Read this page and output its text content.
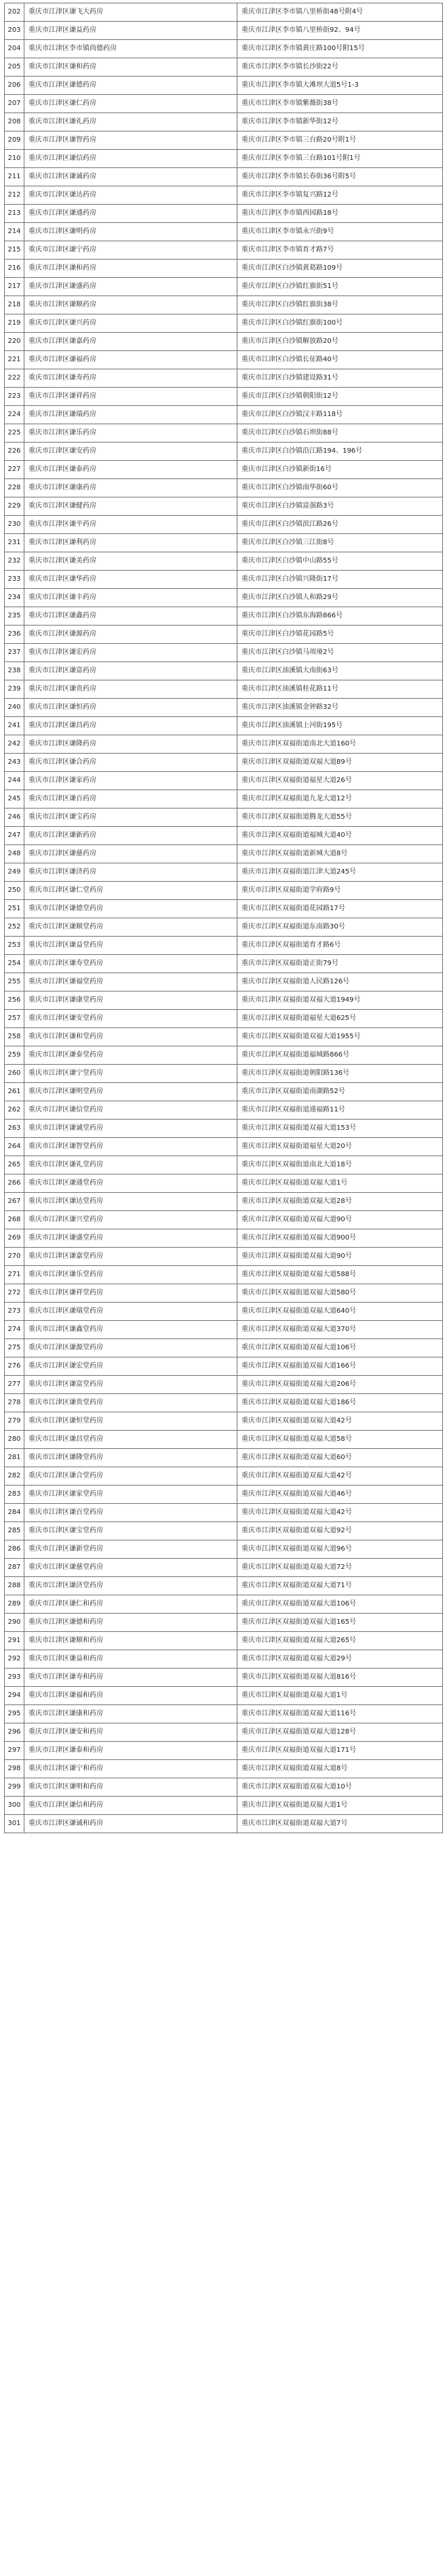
202	重庆市江津区谦飞大药房	重庆市江津区李市镇八里桥街48号附4号
203	重庆市江津区谦益药房	重庆市江津区李市镇八里桥街92、94号
204	重庆市江津区李市镇尚德药房	重庆市江津区李市镇黄庄路100号附15号
205	重庆市江津区谦和药房	重庆市江津区李市镇长沙街22号
206	重庆市江津区谦德药房	重庆市江津区李市镇大滩坝大道5号1-3
207	重庆市江津区谦仁药房	重庆市江津区李市镇紫薇街38号
208	重庆市江津区谦礼药房	重庆市江津区李市镇新华街12号
209	重庆市江津区谦智药房	重庆市江津区李市镇三台路20号附1号
210	重庆市江津区谦信药房	重庆市江津区李市镇三台路101号附1号
211	重庆市江津区谦诚药房	重庆市江津区李市镇长春街36号附5号
212	重庆市江津区谦达药房	重庆市江津区李市镇复兴路12号
213	重庆市江津区谦通药房	重庆市江津区李市镇西园路18号
214	重庆市江津区谦明药房	重庆市江津区李市镇永兴街9号
215	重庆市江津区谦宁药房	重庆市江津区李市镇育才路7号
216	重庆市江津区谦和药房	重庆市江津区白沙镇黄葛路109号
217	重庆市江津区谦盛药房	重庆市江津区白沙镇红旗街51号
218	重庆市江津区谦顺药房	重庆市江津区白沙镇红旗街38号
219	重庆市江津区谦兴药房	重庆市江津区白沙镇红旗街100号
220	重庆市江津区谦嘉药房	重庆市江津区白沙镇解放路20号
221	重庆市江津区谦福药房	重庆市江津区白沙镇长征路40号
222	重庆市江津区谦寿药房	重庆市江津区白沙镇建设路31号
223	重庆市江津区谦祥药房	重庆市江津区白沙镇朝阳街12号
224	重庆市江津区谦瑞药房	重庆市江津区白沙镇汉丰路118号
225	重庆市江津区谦乐药房	重庆市江津区白沙镇石坝街88号
226	重庆市江津区谦安药房	重庆市江津区白沙镇沿江路194、196号
227	重庆市江津区谦泰药房	重庆市江津区白沙镇新街16号
228	重庆市江津区谦康药房	重庆市江津区白沙镇南华街60号
229	重庆市江津区谦健药房	重庆市江津区白沙镇富强路3号
230	重庆市江津区谦平药房	重庆市江津区白沙镇滨江路26号
231	重庆市江津区谦利药房	重庆市江津区白沙镇三江街8号
232	重庆市江津区谦美药房	重庆市江津区白沙镇中山路55号
233	重庆市江津区谦华药房	重庆市江津区白沙镇兴隆街17号
234	重庆市江津区谦丰药房	重庆市江津区白沙镇人和路29号
235	重庆市江津区谦鑫药房	重庆市江津区白沙镇东海路866号
236	重庆市江津区谦源药房	重庆市江津区白沙镇花园路5号
237	重庆市江津区谦宏药房	重庆市江津区白沙镇马项垭2号
238	重庆市江津区谦富药房	重庆市江津区油溪镇大南街63号
239	重庆市江津区谦贵药房	重庆市江津区油溪镇桂花路11号
240	重庆市江津区谦恒药房	重庆市江津区油溪镇金钟路32号
241	重庆市江津区谦昌药房	重庆市江津区油溪镇上河街195号
242	重庆市江津区谦隆药房	重庆市江津区双福街道南北大道160号
243	重庆市江津区谦合药房	重庆市江津区双福街道双福大道89号
244	重庆市江津区谦家药房	重庆市江津区双福街道福星大道26号
245	重庆市江津区谦百药房	重庆市江津区双福街道九龙大道12号
246	重庆市江津区谦宝药房	重庆市江津区双福街道腾龙大道55号
247	重庆市江津区谦新药房	重庆市江津区双福街道福城大道40号
248	重庆市江津区谦慈药房	重庆市江津区双福街道新城大道8号
249	重庆市江津区谦济药房	重庆市江津区双福街道江津大道245号
250	重庆市江津区谦仁堂药房	重庆市江津区双福街道学府路9号
251	重庆市江津区谦德堂药房	重庆市江津区双福街道花园路17号
252	重庆市江津区谦顺堂药房	重庆市江津区双福街道东南路30号
253	重庆市江津区谦益堂药房	重庆市江津区双福街道育才路6号
254	重庆市江津区谦寿堂药房	重庆市江津区双福街道正街79号
255	重庆市江津区谦福堂药房	重庆市江津区双福街道人民路126号
256	重庆市江津区谦康堂药房	重庆市江津区双福街道双福大道1949号
257	重庆市江津区谦安堂药房	重庆市江津区双福街道福星大道625号
258	重庆市江津区谦和堂药房	重庆市江津区双福街道双福大道1955号
259	重庆市江津区谦泰堂药房	重庆市江津区双福街道福城路866号
260	重庆市江津区谦宁堂药房	重庆市江津区双福街道朝阳路136号
261	重庆市江津区谦明堂药房	重庆市江津区双福街道南湖路52号
262	重庆市江津区谦信堂药房	重庆市江津区双福街道通福路11号
263	重庆市江津区谦诚堂药房	重庆市江津区双福街道双福大道153号
264	重庆市江津区谦智堂药房	重庆市江津区双福街道福星大道20号
265	重庆市江津区谦礼堂药房	重庆市江津区双福街道南北大道18号
266	重庆市江津区谦通堂药房	重庆市江津区双福街道双福大道1号
267	重庆市江津区谦达堂药房	重庆市江津区双福街道双福大道28号
268	重庆市江津区谦兴堂药房	重庆市江津区双福街道双福大道90号
269	重庆市江津区谦盛堂药房	重庆市江津区双福街道双福大道900号
270	重庆市江津区谦嘉堂药房	重庆市江津区双福街道双福大道90号
271	重庆市江津区谦乐堂药房	重庆市江津区双福街道双福大道588号
272	重庆市江津区谦祥堂药房	重庆市江津区双福街道双福大道580号
273	重庆市江津区谦瑞堂药房	重庆市江津区双福街道双福大道640号
274	重庆市江津区谦鑫堂药房	重庆市江津区双福街道双福大道370号
275	重庆市江津区谦源堂药房	重庆市江津区双福街道双福大道106号
276	重庆市江津区谦宏堂药房	重庆市江津区双福街道双福大道166号
277	重庆市江津区谦富堂药房	重庆市江津区双福街道双福大道206号
278	重庆市江津区谦贵堂药房	重庆市江津区双福街道双福大道186号
279	重庆市江津区谦恒堂药房	重庆市江津区双福街道双福大道42号
280	重庆市江津区谦昌堂药房	重庆市江津区双福街道双福大道58号
281	重庆市江津区谦隆堂药房	重庆市江津区双福街道双福大道60号
282	重庆市江津区谦合堂药房	重庆市江津区双福街道双福大道42号
283	重庆市江津区谦家堂药房	重庆市江津区双福街道双福大道46号
284	重庆市江津区谦百堂药房	重庆市江津区双福街道双福大道42号
285	重庆市江津区谦宝堂药房	重庆市江津区双福街道双福大道92号
286	重庆市江津区谦新堂药房	重庆市江津区双福街道双福大道96号
287	重庆市江津区谦慈堂药房	重庆市江津区双福街道双福大道72号
288	重庆市江津区谦济堂药房	重庆市江津区双福街道双福大道71号
289	重庆市江津区谦仁和药房	重庆市江津区双福街道双福大道106号
290	重庆市江津区谦德和药房	重庆市江津区双福街道双福大道165号
291	重庆市江津区谦顺和药房	重庆市江津区双福街道双福大道265号
292	重庆市江津区谦益和药房	重庆市江津区双福街道双福大道29号
293	重庆市江津区谦寿和药房	重庆市江津区双福街道双福大道816号
294	重庆市江津区谦福和药房	重庆市江津区双福街道双福大道1号
295	重庆市江津区谦康和药房	重庆市江津区双福街道双福大道116号
296	重庆市江津区谦安和药房	重庆市江津区双福街道双福大道128号
297	重庆市江津区谦泰和药房	重庆市江津区双福街道双福大道171号
298	重庆市江津区谦宁和药房	重庆市江津区双福街道双福大道8号
299	重庆市江津区谦明和药房	重庆市江津区双福街道双福大道10号
300	重庆市江津区谦信和药房	重庆市江津区双福街道双福大道1号
301	重庆市江津区谦诚和药房	重庆市江津区双福街道双福大道7号
